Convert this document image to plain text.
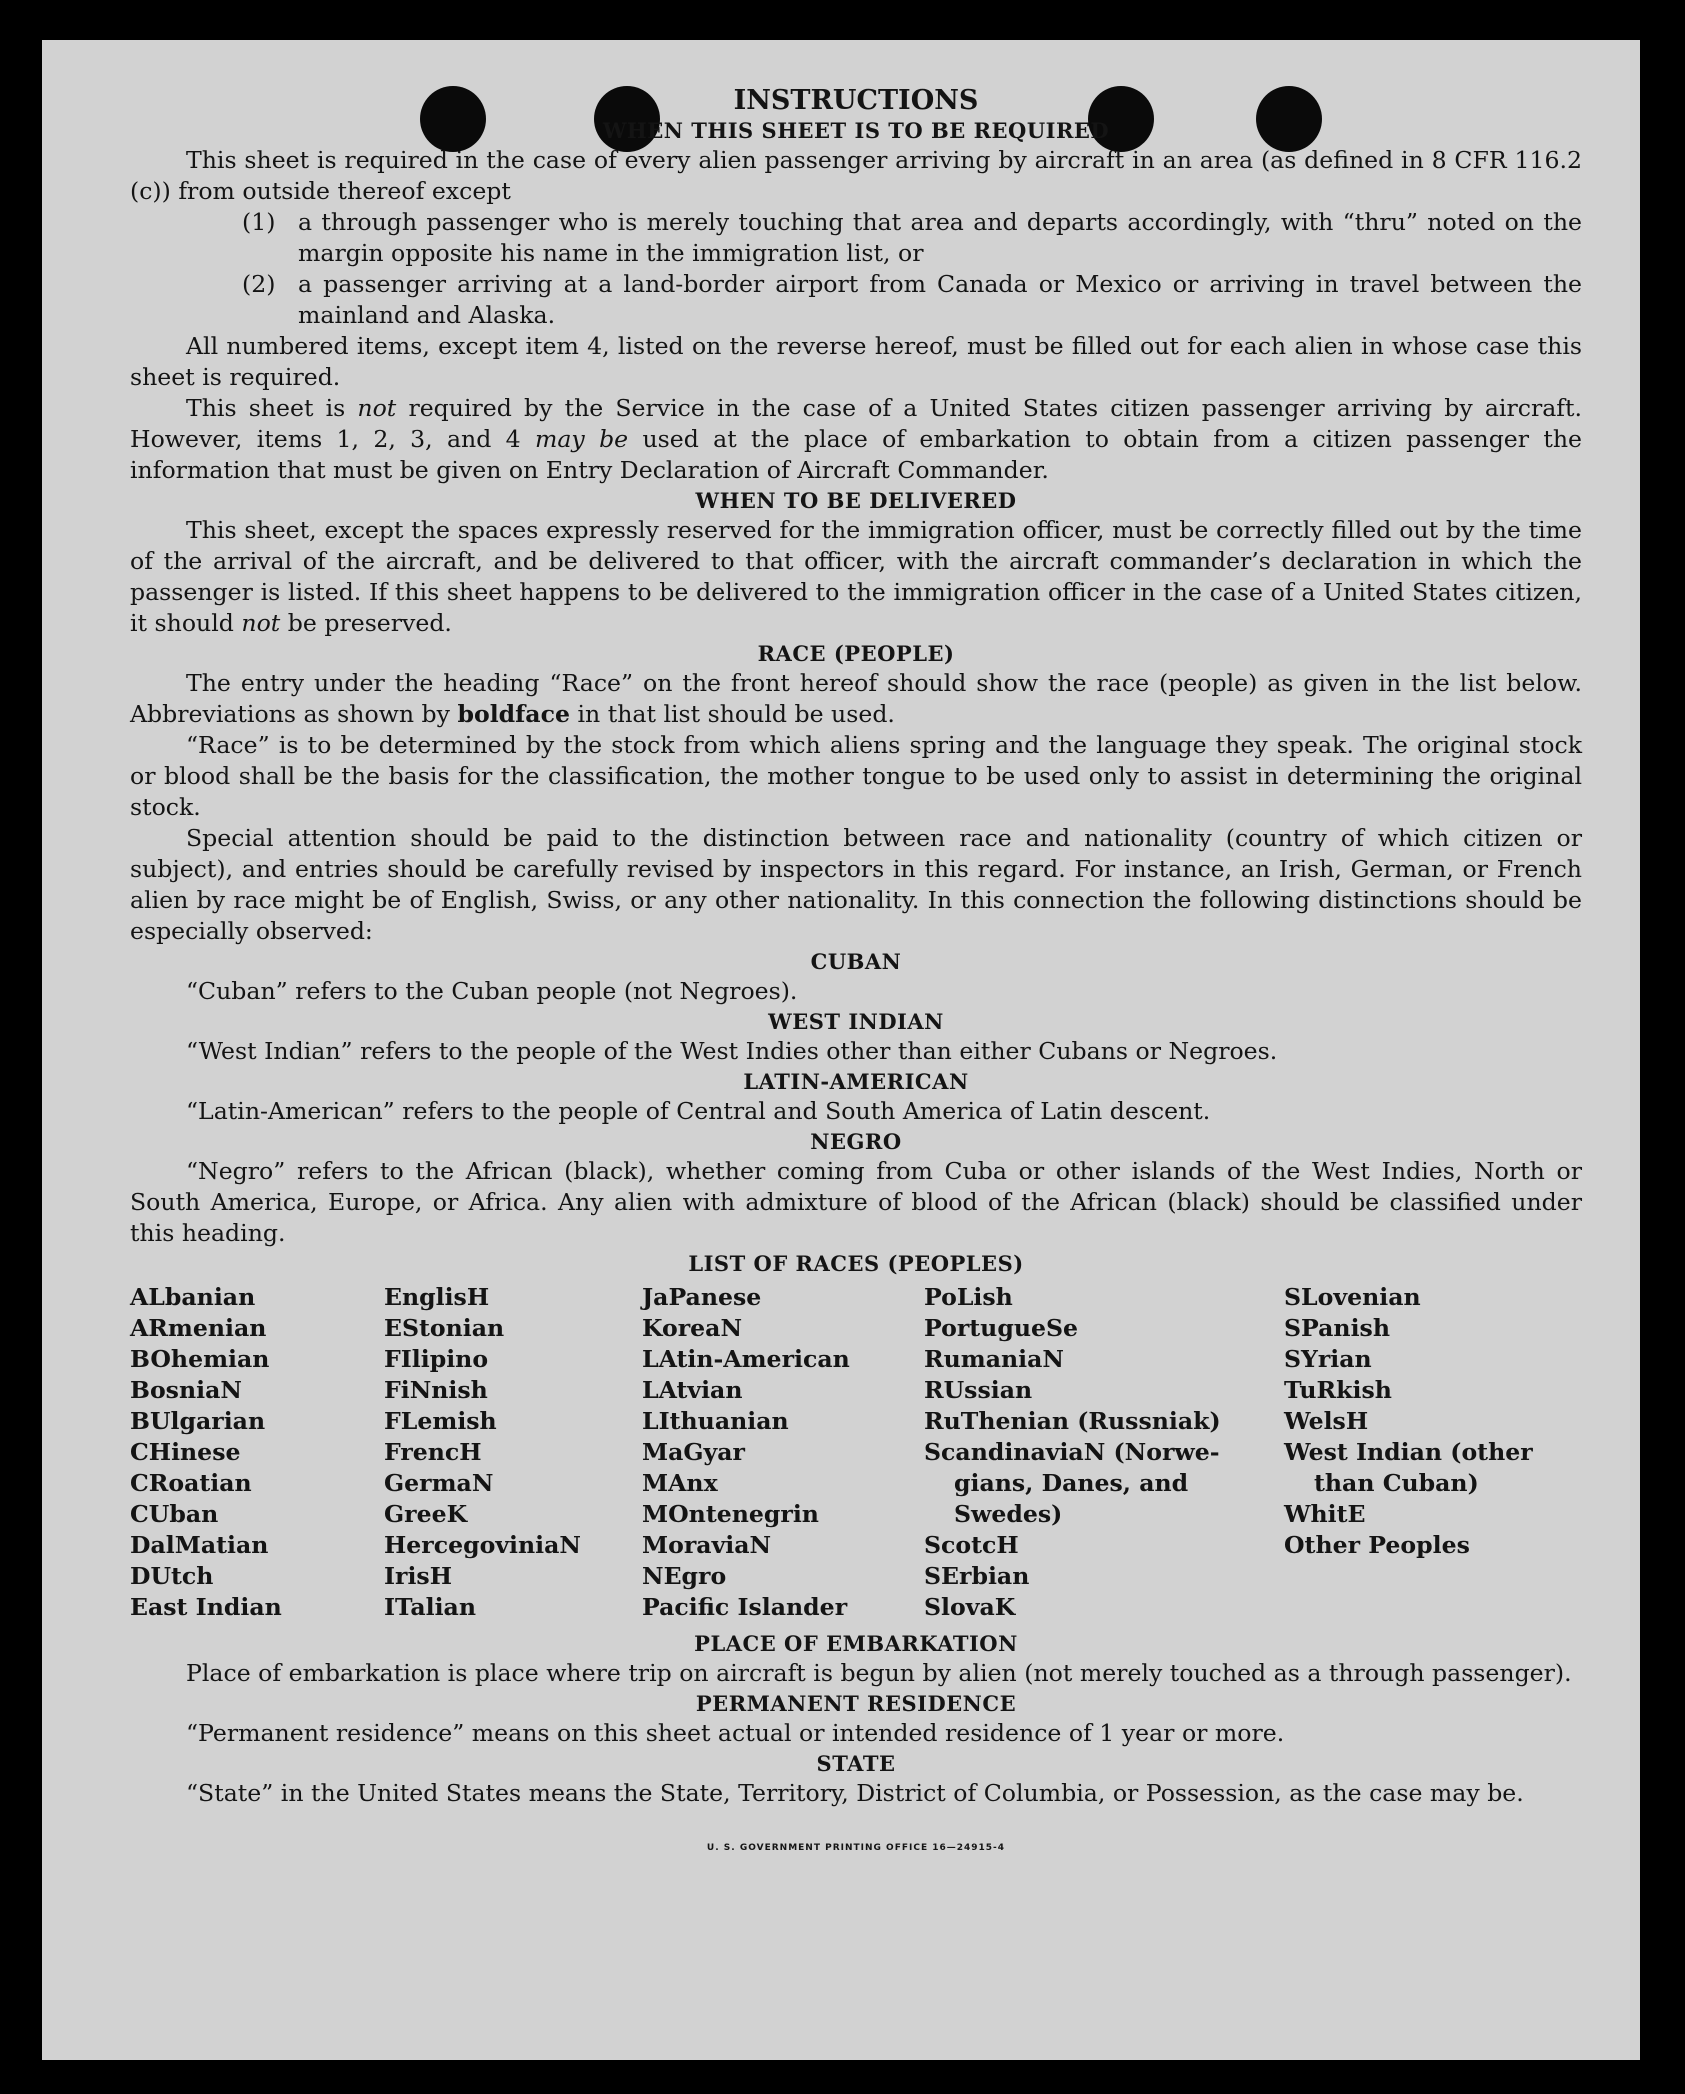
INSTRUCTIONS

WHEN THIS SHEET IS TO BE REQUIRED

This sheet is required in the case of every alien passenger arriving by aircraft in an area (as defined in 8 CFR 116.2 (c)) from outside thereof except

(1) a through passenger who is merely touching that area and departs accordingly, with “thru” noted on the margin opposite his name in the immigration list, or
(2) a passenger arriving at a land-border airport from Canada or Mexico or arriving in travel between the mainland and Alaska.

All numbered items, except item 4, listed on the reverse hereof, must be filled out for each alien in whose case this sheet is required.

This sheet is not required by the Service in the case of a United States citizen passenger arriving by aircraft. However, items 1, 2, 3, and 4 may be used at the place of embarkation to obtain from a citizen passenger the information that must be given on Entry Declaration of Aircraft Commander.

WHEN TO BE DELIVERED

This sheet, except the spaces expressly reserved for the immigration officer, must be correctly filled out by the time of the arrival of the aircraft, and be delivered to that officer, with the aircraft commander’s declaration in which the passenger is listed. If this sheet happens to be delivered to the immigration officer in the case of a United States citizen, it should not be preserved.

RACE (PEOPLE)

The entry under the heading “Race” on the front hereof should show the race (people) as given in the list below. Abbreviations as shown by boldface in that list should be used.

“Race” is to be determined by the stock from which aliens spring and the language they speak. The original stock or blood shall be the basis for the classification, the mother tongue to be used only to assist in determining the original stock.

Special attention should be paid to the distinction between race and nationality (country of which citizen or subject), and entries should be carefully revised by inspectors in this regard. For instance, an Irish, German, or French alien by race might be of English, Swiss, or any other nationality. In this connection the following distinctions should be especially observed:

CUBAN

“Cuban” refers to the Cuban people (not Negroes).

WEST INDIAN

“West Indian” refers to the people of the West Indies other than either Cubans or Negroes.

LATIN-AMERICAN

“Latin-American” refers to the people of Central and South America of Latin descent.

NEGRO

“Negro” refers to the African (black), whether coming from Cuba or other islands of the West Indies, North or South America, Europe, or Africa. Any alien with admixture of blood of the African (black) should be classified under this heading.

LIST OF RACES (PEOPLES)

ALbanian
ARmenian
BOhemian
BosniaN
BUlgarian
CHinese
CRoatian
CUban
DalMatian
DUtch
East Indian
EnglisH
EStonian
FIlipino
FiNnish
FLemish
FrencH
GermaN
GreeK
HercegoviniaN
IrisH
ITalian
JaPanese
KoreaN
LAtin-American
LAtvian
LIthuanian
MaGyar
MAnx
MOntenegrin
MoraviaN
NEgro
Pacific Islander
PoLish
PortugueSe
RumaniaN
RUssian
RuThenian (Russniak)
ScandinaviaN (Norwe-
gians, Danes, and
Swedes)
ScotcH
SErbian
SlovaK
SLovenian
SPanish
SYrian
TuRkish
WelsH
West Indian (other
than Cuban)
WhitE
Other Peoples

PLACE OF EMBARKATION

Place of embarkation is place where trip on aircraft is begun by alien (not merely touched as a through passenger).

PERMANENT RESIDENCE

“Permanent residence” means on this sheet actual or intended residence of 1 year or more.

STATE

“State” in the United States means the State, Territory, District of Columbia, or Possession, as the case may be.

U. S. GOVERNMENT PRINTING OFFICE 16—24915-4
